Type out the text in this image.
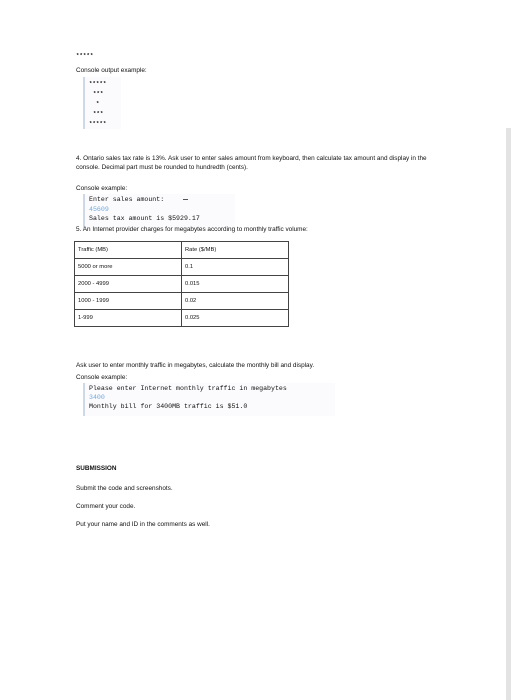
*****
Console output example:
*****
***
*
***
*****
4. Ontario sales tax rate is 13%. Ask user to enter sales amount from keyboard, then calculate tax amount and display in the console. Decimal part must be rounded to hundredth (cents).
Console example:
Enter sales amount:
45609
Sales tax amount is $5929.17
5. An Internet provider charges for megabytes according to monthly traffic volume:
Traffic (MB)	Rate ($/MB)
5000 or more	0.1
2000 - 4999	0.015
1000 - 1999	0.02
1-999	0.025
Ask user to enter monthly traffic in megabytes, calculate the monthly bill and display.
Console example:
Please enter Internet monthly traffic in megabytes
3400
Monthly bill for 3400MB traffic is $51.0
SUBMISSION
Submit the code and screenshots.
Comment your code.
Put your name and ID in the comments as well.
